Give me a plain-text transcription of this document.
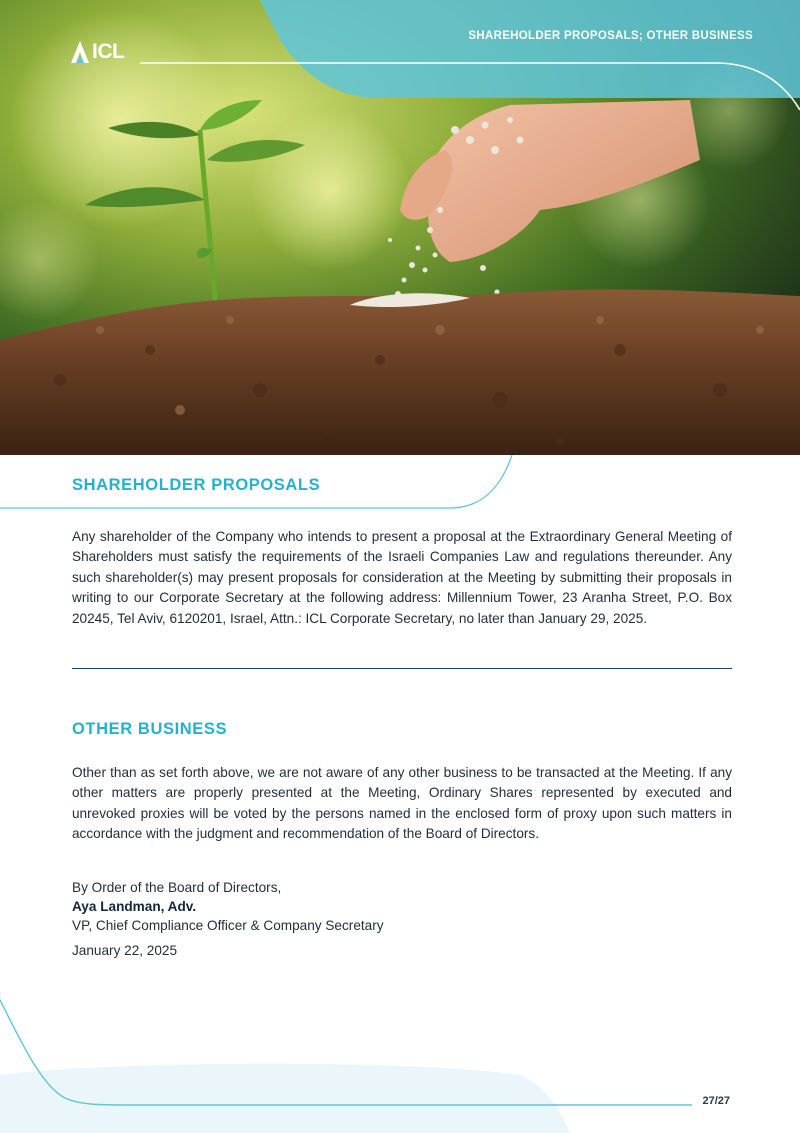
SHAREHOLDER PROPOSALS; OTHER BUSINESS
ICL
SHAREHOLDER PROPOSALS

Any shareholder of the Company who intends to present a proposal at the Extraordinary General Meeting of Shareholders must satisfy the requirements of the Israeli Companies Law and regulations thereunder. Any such shareholder(s) may present proposals for consideration at the Meeting by submitting their proposals in writing to our Corporate Secretary at the following address: Millennium Tower, 23 Aranha Street, P.O. Box 20245, Tel Aviv, 6120201, Israel, Attn.: ICL Corporate Secretary, no later than January 29, 2025.

OTHER BUSINESS

Other than as set forth above, we are not aware of any other business to be transacted at the Meeting. If any other matters are properly presented at the Meeting, Ordinary Shares represented by executed and unrevoked proxies will be voted by the persons named in the enclosed form of proxy upon such matters in accordance with the judgment and recommendation of the Board of Directors.

By Order of the Board of Directors,

Aya Landman, Adv.

VP, Chief Compliance Officer & Company Secretary

January 22, 2025

27/27
